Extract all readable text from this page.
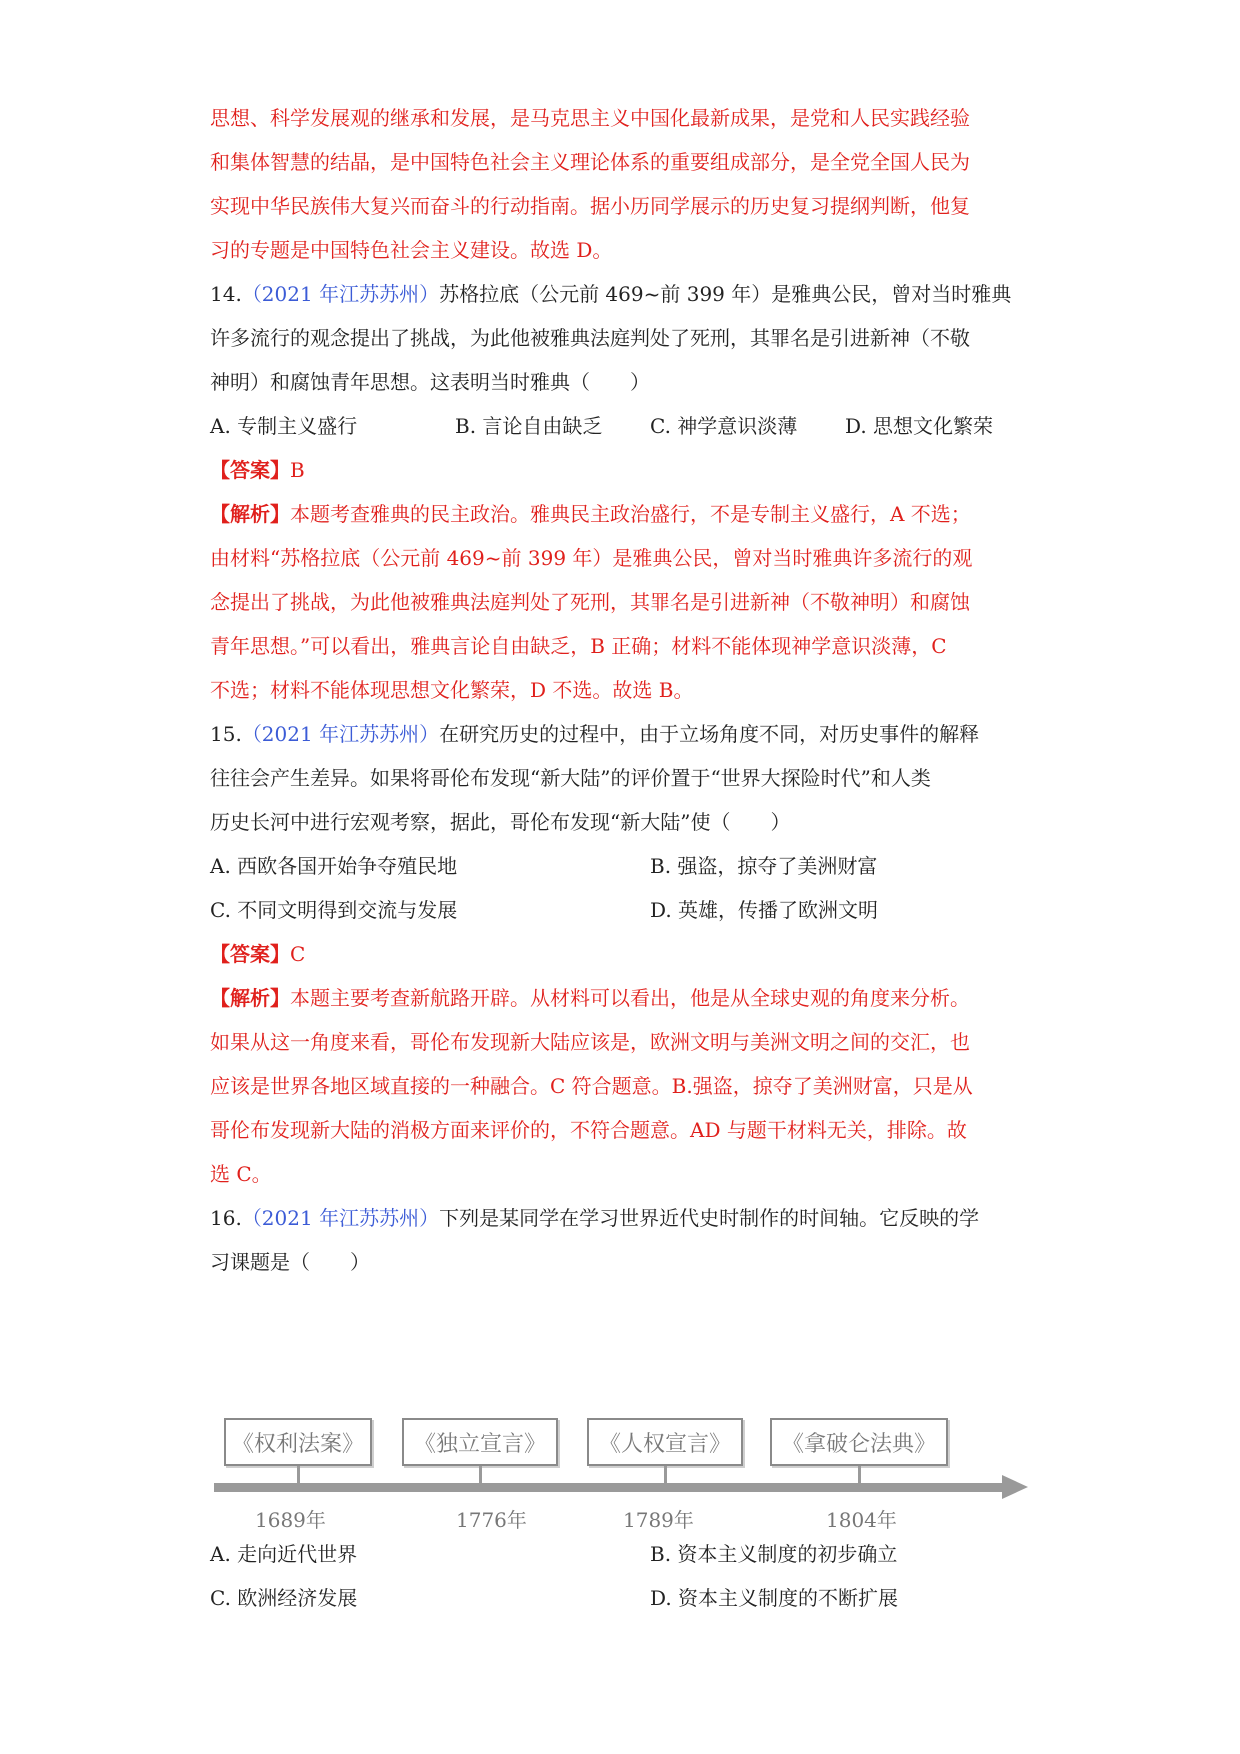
思想、科学发展观的继承和发展，是马克思主义中国化最新成果，是党和人民实践经验
和集体智慧的结晶，是中国特色社会主义理论体系的重要组成部分，是全党全国人民为
实现中华民族伟大复兴而奋斗的行动指南。据小历同学展示的历史复习提纲判断，他复
习的专题是中国特色社会主义建设。故选 D。
14.（2021 年江苏苏州）苏格拉底（公元前 469~前 399 年）是雅典公民，曾对当时雅典
许多流行的观念提出了挑战，为此他被雅典法庭判处了死刑，其罪名是引进新神（不敬
神明）和腐蚀青年思想。这表明当时雅典（　　）
A. 专制主义盛行	B. 言论自由缺乏 C. 神学意识淡薄 D. 思想文化繁荣
【答案】B
【解析】本题考查雅典的民主政治。雅典民主政治盛行，不是专制主义盛行，A 不选；
由材料“苏格拉底（公元前 469~前 399 年）是雅典公民，曾对当时雅典许多流行的观
念提出了挑战，为此他被雅典法庭判处了死刑，其罪名是引进新神（不敬神明）和腐蚀
青年思想。”可以看出，雅典言论自由缺乏，B 正确；材料不能体现神学意识淡薄，C
不选；材料不能体现思想文化繁荣，D 不选。故选 B。
15.（2021 年江苏苏州）在研究历史的过程中，由于立场角度不同，对历史事件的解释
往往会产生差异。如果将哥伦布发现“新大陆”的评价置于“世界大探险时代”和人类
历史长河中进行宏观考察，据此，哥伦布发现“新大陆”使（　　）
A. 西欧各国开始争夺殖民地	B. 强盗，掠夺了美洲财富
C. 不同文明得到交流与发展	D. 英雄，传播了欧洲文明
【答案】C
【解析】本题主要考查新航路开辟。从材料可以看出，他是从全球史观的角度来分析。
如果从这一角度来看，哥伦布发现新大陆应该是，欧洲文明与美洲文明之间的交汇，也
应该是世界各地区域直接的一种融合。C 符合题意。B.强盗，掠夺了美洲财富，只是从
哥伦布发现新大陆的消极方面来评价的，不符合题意。AD 与题干材料无关，排除。故
选 C。
16.（2021 年江苏苏州）下列是某同学在学习世界近代史时制作的时间轴。它反映的学
习课题是（　　）
《权利法案》	《独立宣言》	《人权宣言》	《拿破仑法典》
1689年	1776年	1789年	1804年
A. 走向近代世界	B. 资本主义制度的初步确立
C. 欧洲经济发展	D. 资本主义制度的不断扩展
